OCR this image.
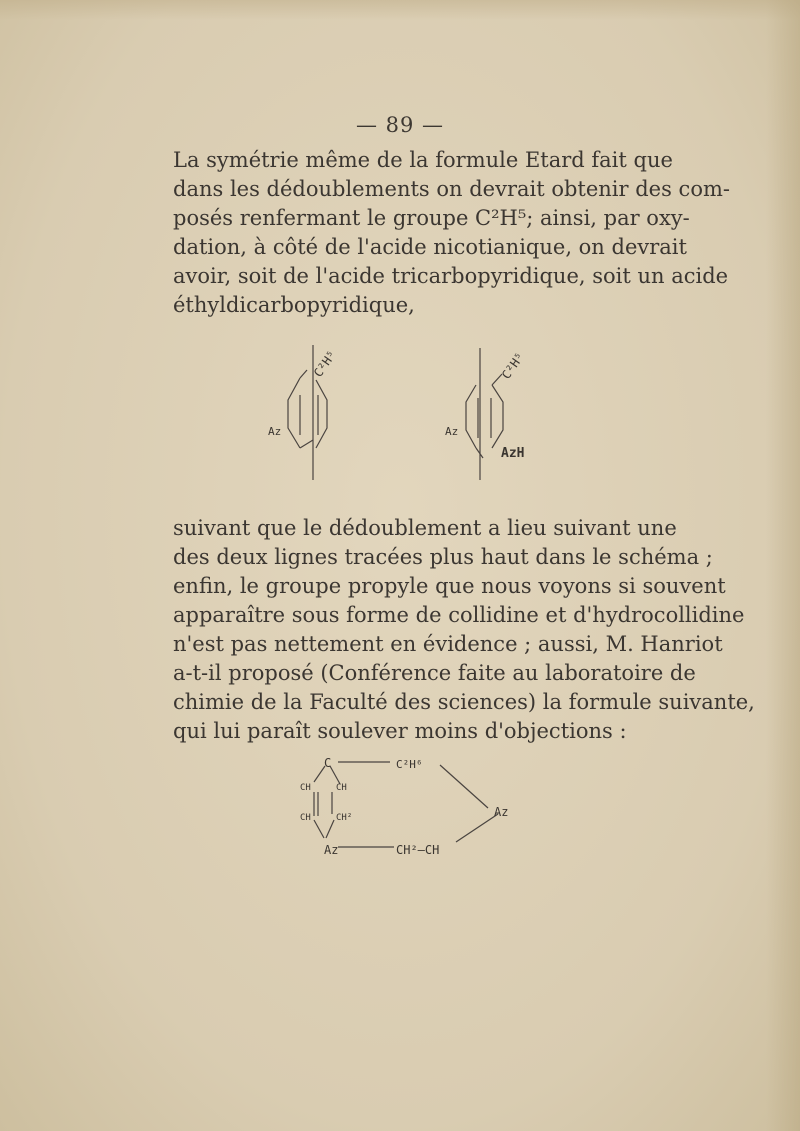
— 89 —
La symétrie même de la formule Etard fait que
dans les dédoublements on devrait obtenir des com-
posés renfermant le groupe C²H⁵; ainsi, par oxy-
dation, à côté de l'acide nicotianique, on devrait
avoir, soit de l'acide tricarbopyridique, soit un acide
éthyldicarbopyridique,
C²H⁵
Az
C²H⁵
Az
AzH
suivant que le dédoublement a lieu suivant une
des deux lignes tracées plus haut dans le schéma ;
enfin, le groupe propyle que nous voyons si souvent
apparaître sous forme de collidine et d'hydrocollidine
n'est pas nettement en évidence ; aussi, M. Hanriot
a-t-il proposé (Conférence faite au laboratoire de
chimie de la Faculté des sciences) la formule suivante,
qui lui paraît soulever moins d'objections :
C	C²H⁶
CH	CH
CH	CH²
Az	CH²—CH
Az
